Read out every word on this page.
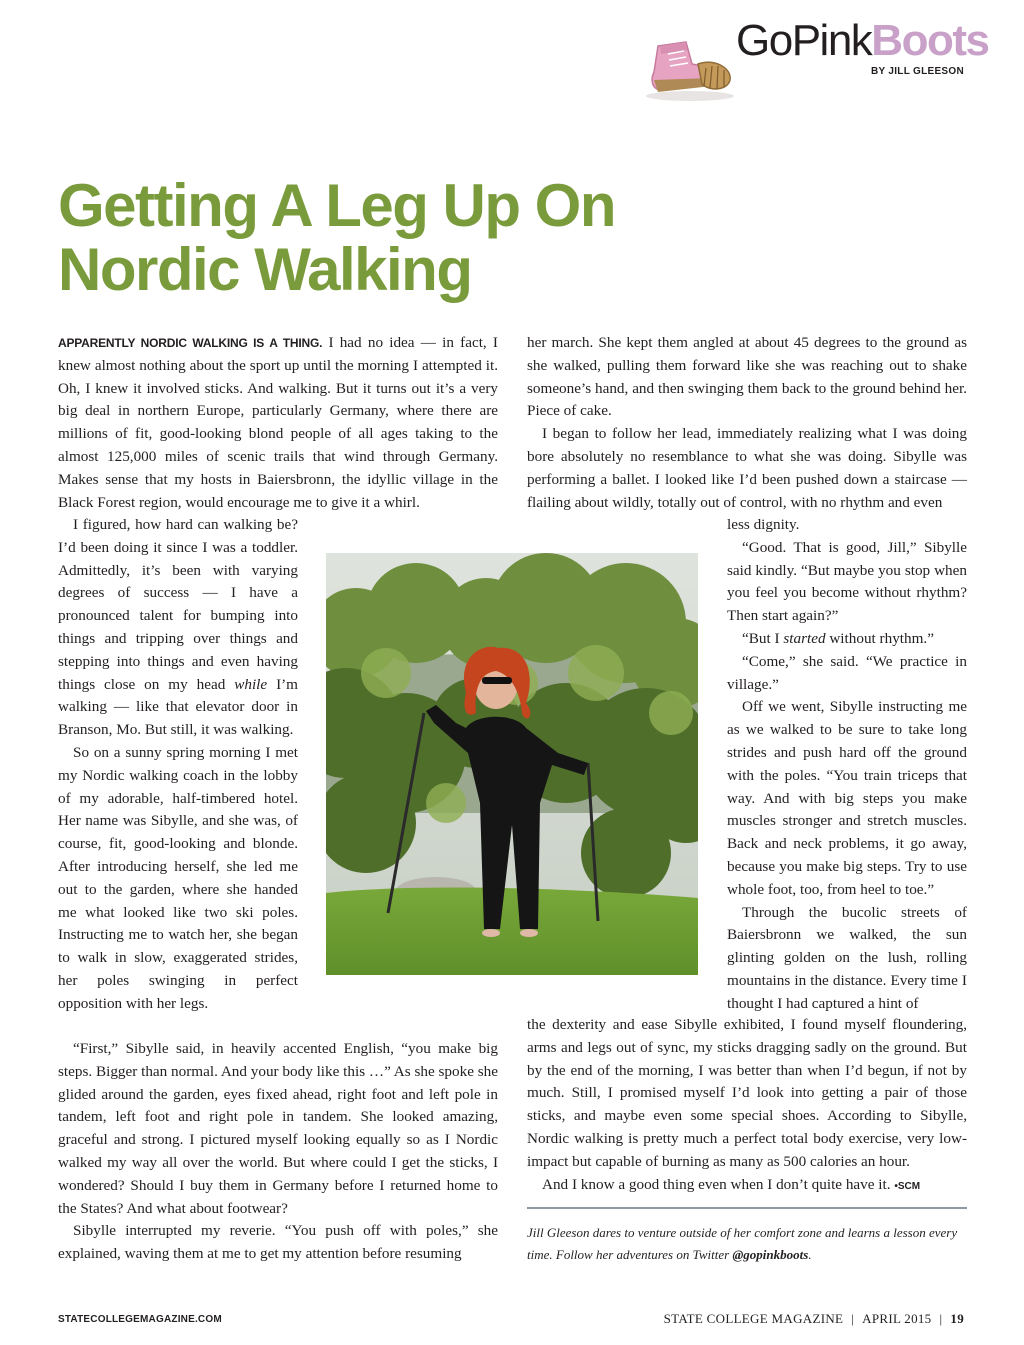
GoPinkBoots
BY JILL GLEESON
Getting A Leg Up On
Nordic Walking

APPARENTLY NORDIC WALKING IS A THING. I had no idea — in fact, I knew almost nothing about the sport up until the morning I attempted it. Oh, I knew it involved sticks. And walking. But it turns out it’s a very big deal in northern Europe, particularly Germany, where there are millions of fit, good-looking blond people of all ages taking to the almost 125,000 miles of scenic trails that wind through Germany. Makes sense that my hosts in Baiersbronn, the idyllic village in the Black Forest region, would encourage me to give it a whirl.

I figured, how hard can walking be? I’d been doing it since I was a toddler. Admittedly, it’s been with varying degrees of success — I have a pronounced talent for bumping into things and tripping over things and stepping into things and even having things close on my head while I’m walking — like that elevator door in Branson, Mo. But still, it was walking.

So on a sunny spring morning I met my Nordic walking coach in the lobby of my adorable, half-timbered hotel. Her name was Sibylle, and she was, of course, fit, good-looking and blonde. After introducing herself, she led me out to the garden, where she handed me what looked like two ski poles. Instructing me to watch her, she began to walk in slow, exaggerated strides, her poles swinging in perfect opposition with her legs.

“First,” Sibylle said, in heavily accented English, “you make big steps. Bigger than normal. And your body like this …” As she spoke she glided around the garden, eyes fixed ahead, right foot and left pole in tandem, left foot and right pole in tandem. She looked amazing, graceful and strong. I pictured myself looking equally so as I Nordic walked my way all over the world. But where could I get the sticks, I wondered? Should I buy them in Germany before I returned home to the States? And what about footwear?

Sibylle interrupted my reverie. “You push off with poles,” she explained, waving them at me to get my attention before resuming

her march. She kept them angled at about 45 degrees to the ground as she walked, pulling them forward like she was reaching out to shake someone’s hand, and then swinging them back to the ground behind her. Piece of cake.

I began to follow her lead, immediately realizing what I was doing bore absolutely no resemblance to what she was doing. Sibylle was performing a ballet. I looked like I’d been pushed down a staircase — flailing about wildly, totally out of control, with no rhythm and even

less dignity.

“Good. That is good, Jill,” Sibylle said kindly. “But maybe you stop when you feel you become without rhythm? Then start again?”

“But I started without rhythm.”

“Come,” she said. “We practice in village.”

Off we went, Sibylle instructing me as we walked to be sure to take long strides and push hard off the ground with the poles. “You train triceps that way. And with big steps you make muscles stronger and stretch muscles. Back and neck problems, it go away, because you make big steps. Try to use whole foot, too, from heel to toe.”

Through the bucolic streets of Baiersbronn we walked, the sun glinting golden on the lush, rolling mountains in the distance. Every time I thought I had captured a hint of

the dexterity and ease Sibylle exhibited, I found myself floundering, arms and legs out of sync, my sticks dragging sadly on the ground. But by the end of the morning, I was better than when I’d begun, if not by much. Still, I promised myself I’d look into getting a pair of those sticks, and maybe even some special shoes. According to Sibylle, Nordic walking is pretty much a perfect total body exercise, very low-impact but capable of burning as many as 500 calories an hour.

And I know a good thing even when I don’t quite have it. •SCM

Jill Gleeson dares to venture outside of her comfort zone and learns a lesson every time. Follow her adventures on Twitter @gopinkboots.

STATECOLLEGEMAGAZINE.COM	STATE COLLEGE MAGAZINE | APRIL 2015 | 19
